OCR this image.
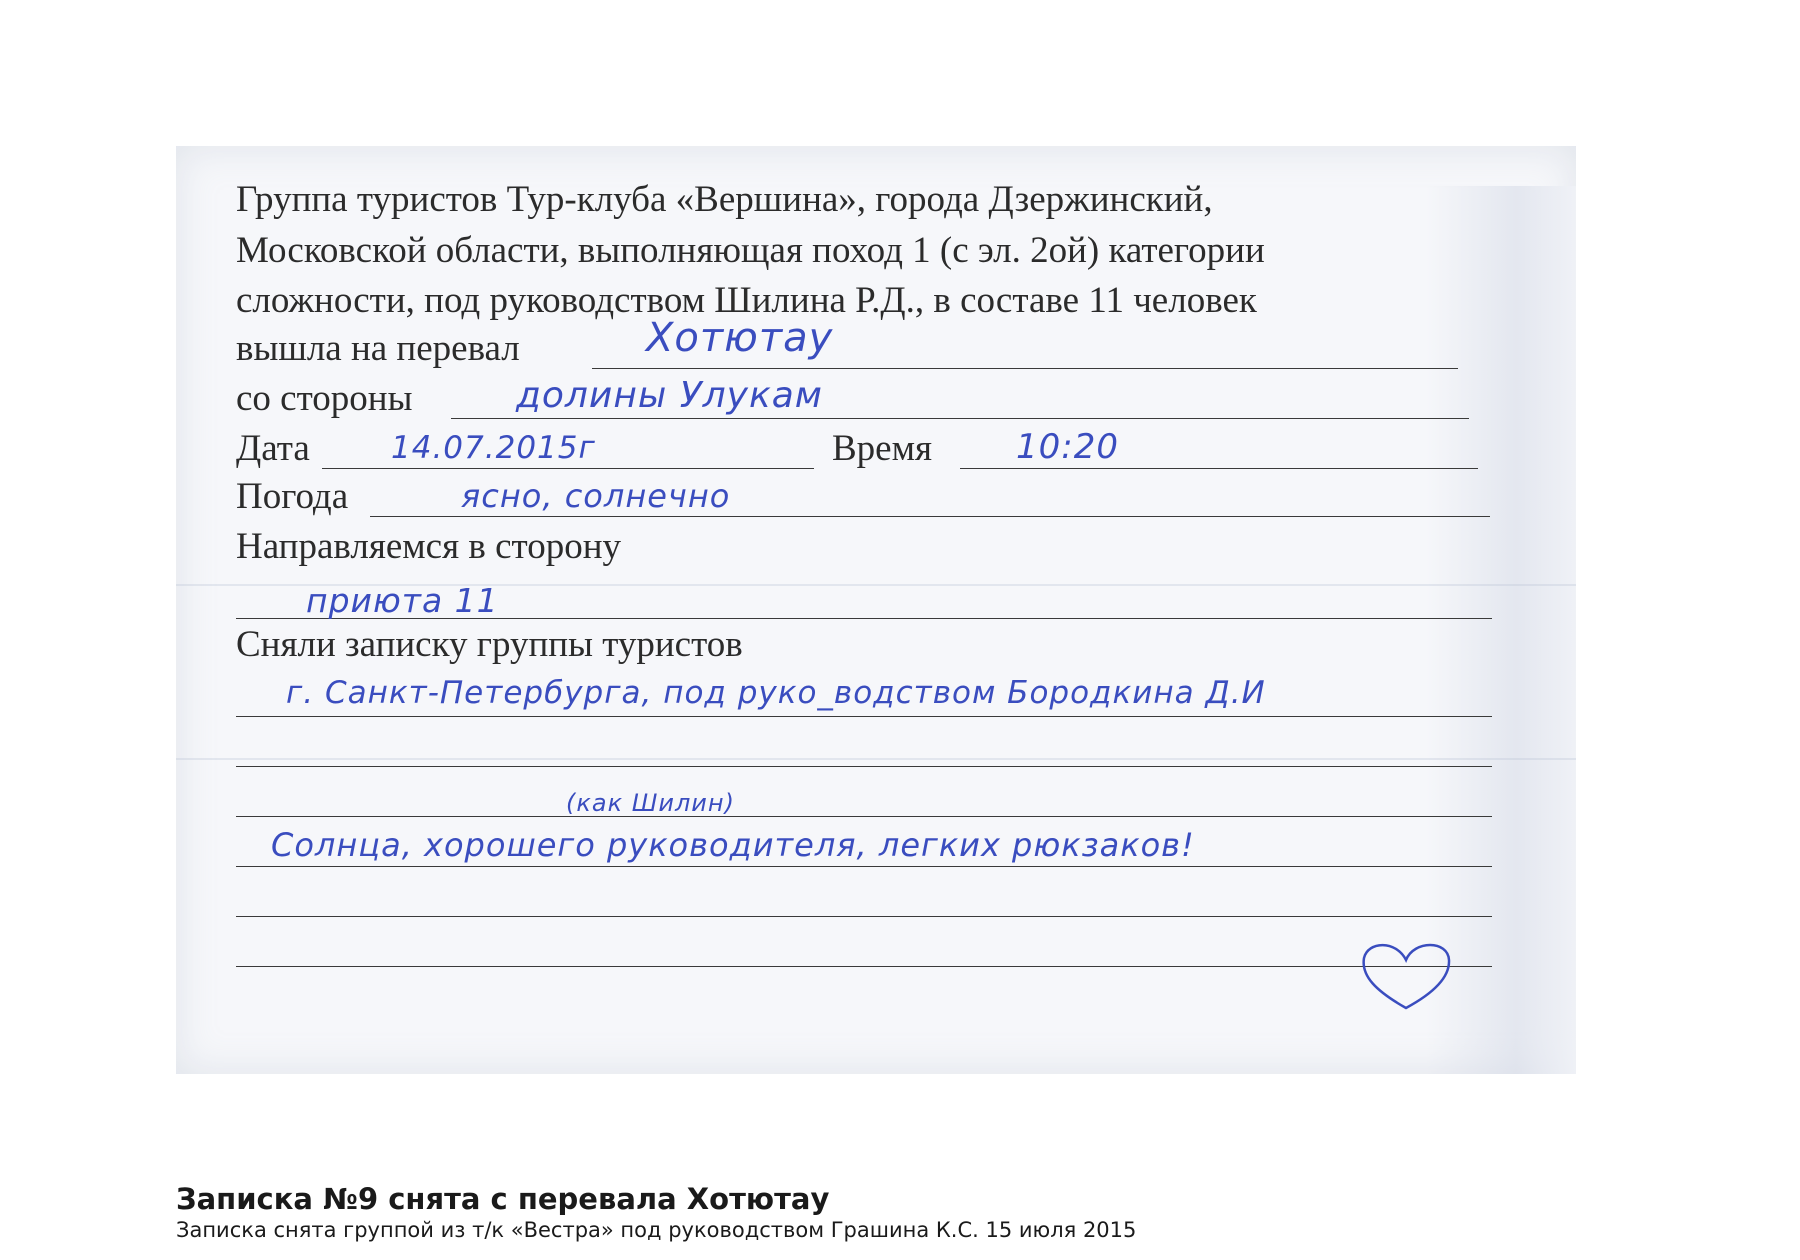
Группа туристов Тур-клуба «Вершина», города Дзержинский,
Московской области, выполняющая поход 1 (с эл. 2ой) категории
сложности, под руководством Шилина Р.Д., в составе 11 человек
вышла на перевал	Хотютау
со стороны	долины Улукам
Дата	14.07.2015г	Время 10:20
Погода	ясно, солнечно
Направляемся в сторону
приюта 11
Сняли записку группы туристов
г. Санкт-Петербурга, под руко_водством Бородкина Д.И
(как Шилин)
Солнца, хорошего руководителя, легких рюкзаков!
Записка №9 снята с перевала Хотютау
Записка снята группой из т/к «Вестра» под руководством Грашина К.С. 15 июля 2015
